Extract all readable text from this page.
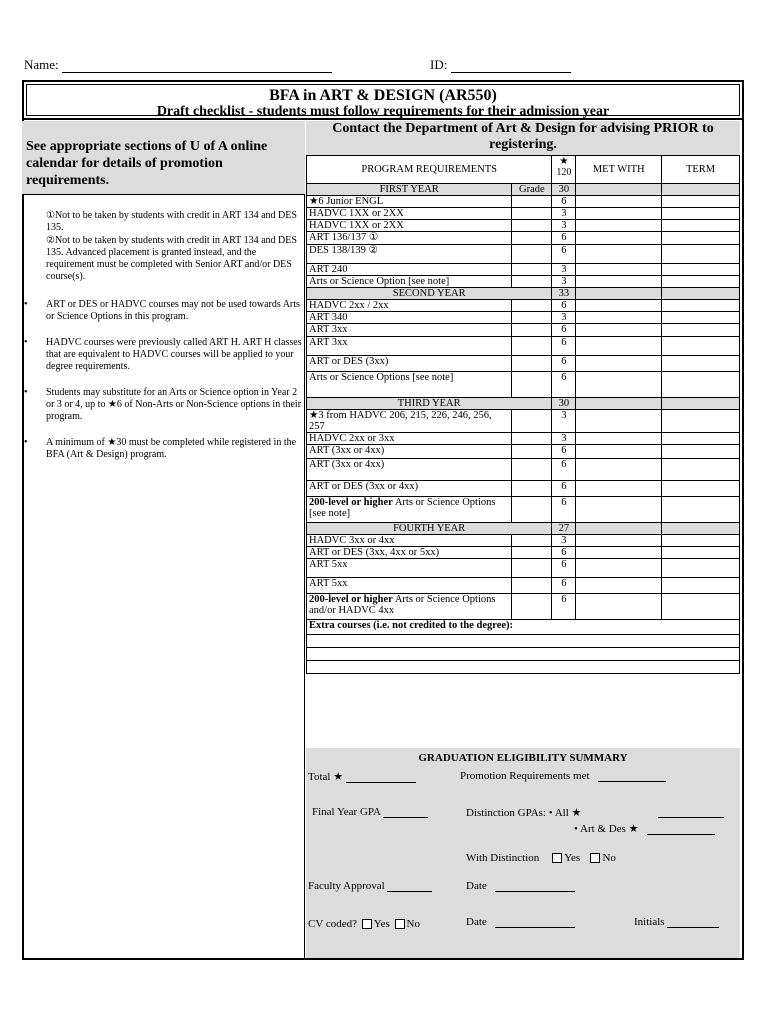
Name:	ID:
BFA in ART & DESIGN (AR550)
Draft checklist - students must follow requirements for their admission year
See appropriate sections of U of A online calendar for details of promotion requirements.

①Not to be taken by students with credit in ART 134 and DES 135.

②Not to be taken by students with credit in ART 134 and DES 135. Advanced placement is granted instead, and the requirement must be completed with Senior ART and/or DES course(s).

• ART or DES or HADVC courses may not be used towards Arts or Science Options in this program.
• HADVC courses were previously called ART H. ART H classes that are equivalent to HADVC courses will be applied to your degree requirements.
• Students may substitute for an Arts or Science option in Year 2 or 3 or 4, up to ★6 of Non-Arts or Non-Science options in their program.
• A minimum of ★30 must be completed while registered in the BFA (Art & Design) program.
Contact the Department of Art & Design for advising PRIOR to registering.
PROGRAM REQUIREMENTS		★
120	MET WITH	TERM
FIRST YEAR	Grade	30		
★6 Junior ENGL		6		
HADVC 1XX or 2XX		3		
HADVC 1XX or 2XX		3		
ART 136/137 ①		6		
DES 138/139 ②		6		
ART 240		3		
Arts or Science Option [see note]		3		
SECOND YEAR		33		
HADVC 2xx / 2xx		6		
ART 340		3		
ART 3xx		6		
ART 3xx		6		
ART or DES (3xx)		6		
Arts or Science Options [see note]		6		
THIRD YEAR		30		
★3 from HADVC 206, 215, 226, 246, 256, 257		3		
HADVC 2xx or 3xx		3		
ART (3xx or 4xx)		6		
ART (3xx or 4xx)		6		
ART or DES (3xx or 4xx)		6		
200-level or higher Arts or Science Options [see note]		6		
FOURTH YEAR		27		
HADVC 3xx or 4xx		3		
ART or DES (3xx, 4xx or 5xx)		6		
ART 5xx		6		
ART 5xx		6		
200-level or higher Arts or Science Options and/or HADVC 4xx		6		
Extra courses (i.e. not credited to the degree):				

GRADUATION ELIGIBILITY SUMMARY
Total ★	Promotion Requirements met
Final Year GPA	Distinction GPAs: • All ★
• Art & Des ★
With Distinction Yes No
Faculty Approval	Date
CV coded? Yes No	Date	Initials
